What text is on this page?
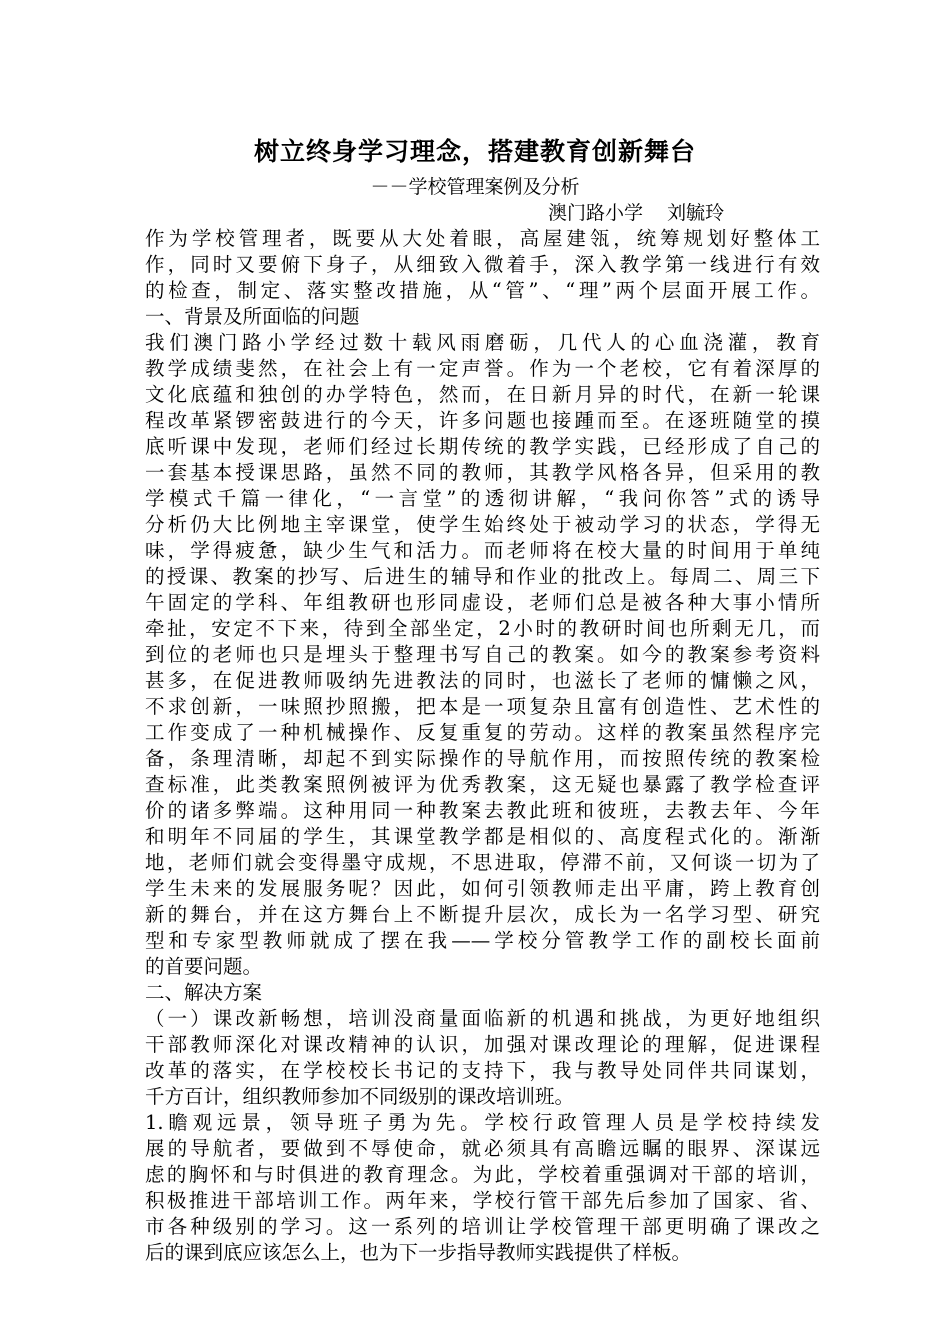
树立终身学习理念，搭建教育创新舞台
－－学校管理案例及分析
澳门路小学    刘毓玲
作为学校管理者，既要从大处着眼，高屋建瓴，统筹规划好整体工
作，同时又要俯下身子，从细致入微着手，深入教学第一线进行有效
的检查，制定、落实整改措施，从“管”、“理”两个层面开展工作。
一、背景及所面临的问题
我们澳门路小学经过数十载风雨磨砺，几代人的心血浇灌，教育
教学成绩斐然，在社会上有一定声誉。作为一个老校，它有着深厚的
文化底蕴和独创的办学特色，然而，在日新月异的时代，在新一轮课
程改革紧锣密鼓进行的今天，许多问题也接踵而至。在逐班随堂的摸
底听课中发现，老师们经过长期传统的教学实践，已经形成了自己的
一套基本授课思路，虽然不同的教师，其教学风格各异，但采用的教
学模式千篇一律化，“一言堂”的透彻讲解，“我问你答”式的诱导
分析仍大比例地主宰课堂，使学生始终处于被动学习的状态，学得无
味，学得疲惫，缺少生气和活力。而老师将在校大量的时间用于单纯
的授课、教案的抄写、后进生的辅导和作业的批改上。每周二、周三下
午固定的学科、年组教研也形同虚设，老师们总是被各种大事小情所
牵扯，安定不下来，待到全部坐定，2小时的教研时间也所剩无几，而
到位的老师也只是埋头于整理书写自己的教案。如今的教案参考资料
甚多，在促进教师吸纳先进教法的同时，也滋长了老师的慵懒之风，
不求创新，一味照抄照搬，把本是一项复杂且富有创造性、艺术性的
工作变成了一种机械操作、反复重复的劳动。这样的教案虽然程序完
备，条理清晰，却起不到实际操作的导航作用，而按照传统的教案检
查标准，此类教案照例被评为优秀教案，这无疑也暴露了教学检查评
价的诸多弊端。这种用同一种教案去教此班和彼班，去教去年、今年
和明年不同届的学生，其课堂教学都是相似的、高度程式化的。渐渐
地，老师们就会变得墨守成规，不思进取，停滞不前，又何谈一切为了
学生未来的发展服务呢？因此，如何引领教师走出平庸，跨上教育创
新的舞台，并在这方舞台上不断提升层次，成长为一名学习型、研究
型和专家型教师就成了摆在我——学校分管教学工作的副校长面前
的首要问题。
二、解决方案
（一）课改新畅想，培训没商量面临新的机遇和挑战，为更好地组织
干部教师深化对课改精神的认识，加强对课改理论的理解，促进课程
改革的落实，在学校校长书记的支持下，我与教导处同伴共同谋划，
千方百计，组织教师参加不同级别的课改培训班。
1.瞻观远景，领导班子勇为先。学校行政管理人员是学校持续发
展的导航者，要做到不辱使命，就必须具有高瞻远瞩的眼界、深谋远
虑的胸怀和与时俱进的教育理念。为此，学校着重强调对干部的培训，
积极推进干部培训工作。两年来，学校行管干部先后参加了国家、省、
市各种级别的学习。这一系列的培训让学校管理干部更明确了课改之
后的课到底应该怎么上，也为下一步指导教师实践提供了样板。
